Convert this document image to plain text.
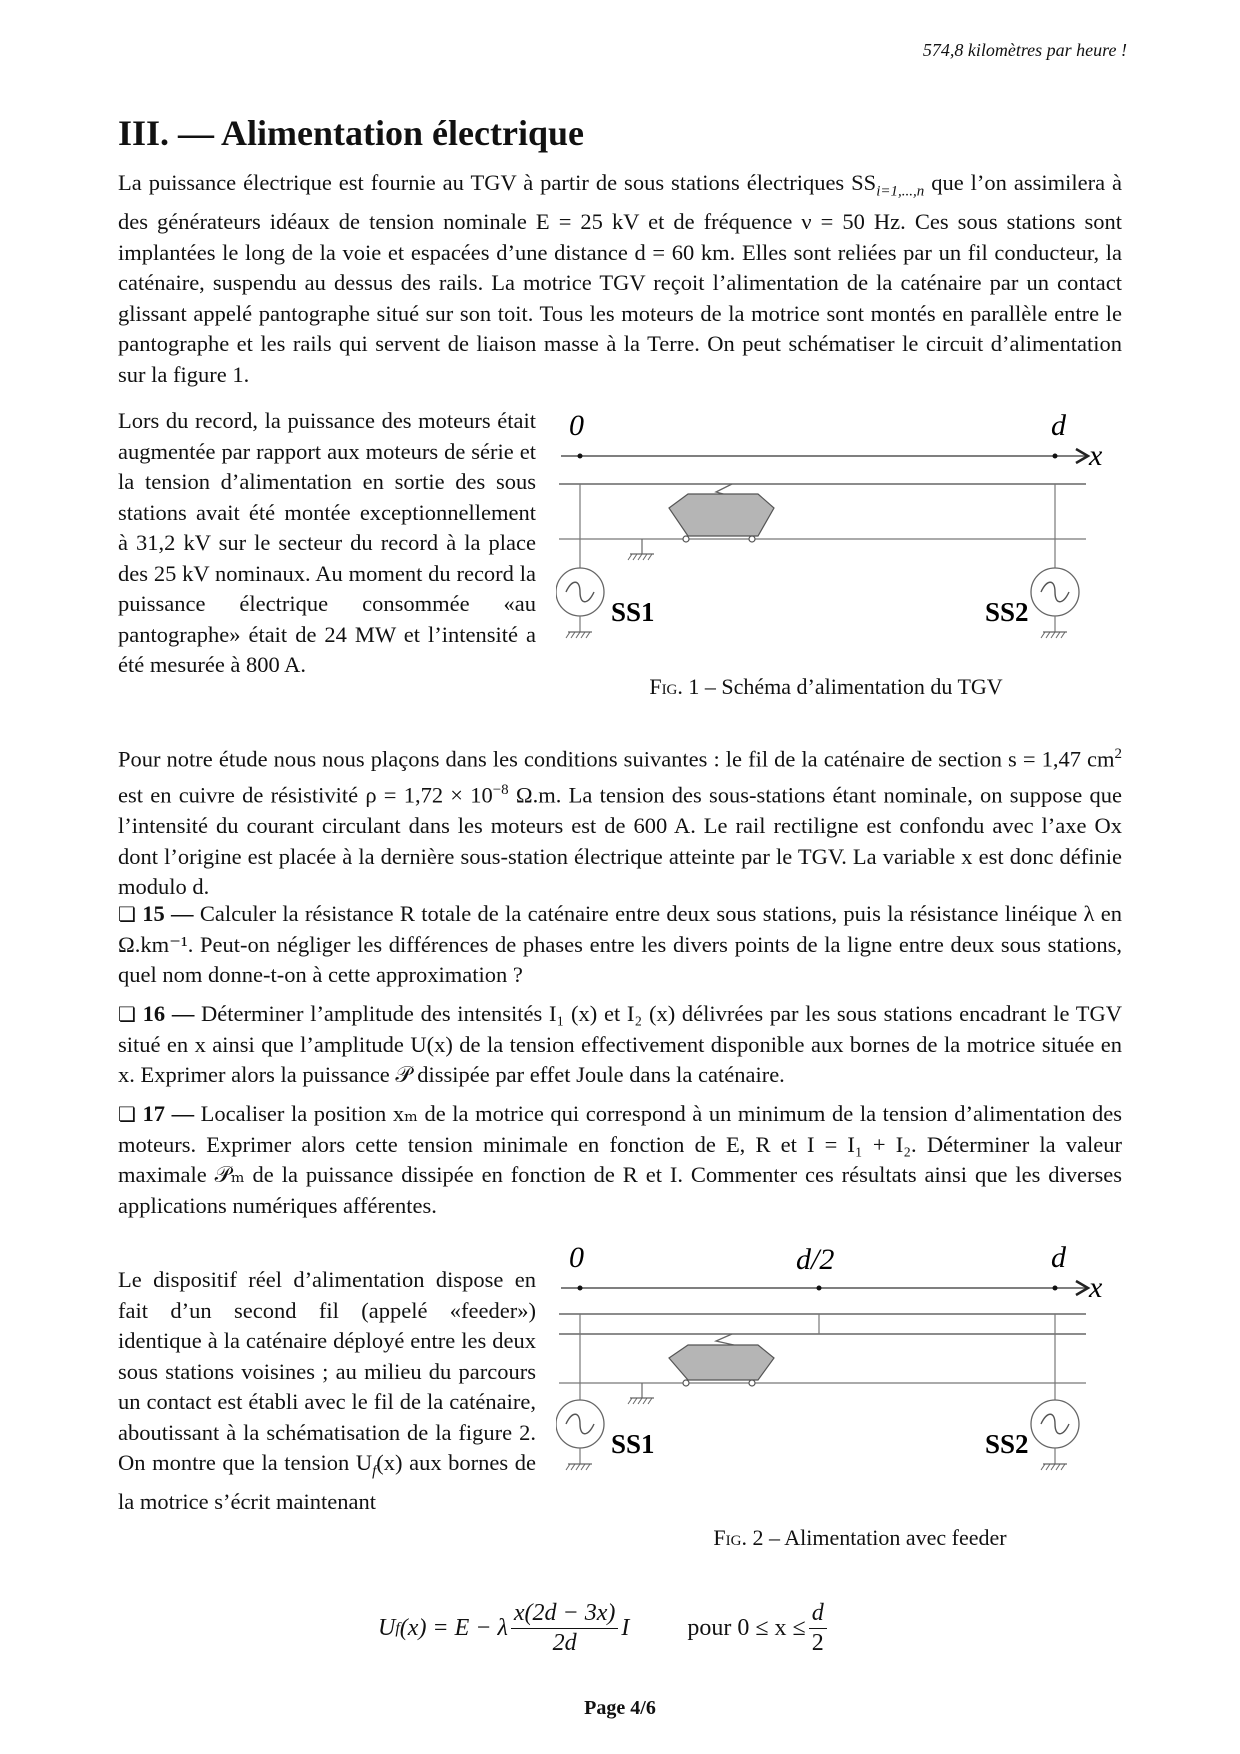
574,8 kilomètres par heure !
III. — Alimentation électrique

La puissance électrique est fournie au TGV à partir de sous stations électriques $SS_{i=1,...,n}$ que l’on assimilera à des générateurs idéaux de tension nominale E = 25 kV et de fréquence ν = 50 Hz. Ces sous stations sont implantées le long de la voie et espacées d’une distance d = 60 km. Elles sont reliées par un fil conducteur, la caténaire, suspendu au dessus des rails. La motrice TGV reçoit l’alimentation de la caténaire par un contact glissant appelé pantographe situé sur son toit. Tous les moteurs de la motrice sont montés en parallèle entre le pantographe et les rails qui servent de liaison masse à la Terre. On peut schématiser le circuit d’alimentation sur la figure 1.

Lors du record, la puissance des moteurs était augmentée par rapport aux moteurs de série et la tension d’alimentation en sortie des sous stations avait été montée exceptionnellement à 31,2 kV sur le secteur du record à la place des 25 kV nominaux. Au moment du record la puissance électrique consommée «au pantographe» était de 24 MW et l’intensité a été mesurée à 800 A.

0	d
x
SS1	SS2
Fig. 1 – Schéma d’alimentation du TGV

Pour notre étude nous nous plaçons dans les conditions suivantes : le fil de la caténaire de section s = 1,47 $cm^2$ est en cuivre de résistivité $\rho = 1,72 \times 10^{-8}$ Ω.m. La tension des sous-stations étant nominale, on suppose que l’intensité du courant circulant dans les moteurs est de 600 A. Le rail rectiligne est confondu avec l’axe Ox dont l’origine est placée à la dernière sous-station électrique atteinte par le TGV. La variable x est donc définie modulo d.

❏ 15 — Calculer la résistance R totale de la caténaire entre deux sous stations, puis la résistance linéique λ en Ω.km⁻¹. Peut-on négliger les différences de phases entre les divers points de la ligne entre deux sous stations, quel nom donne-t-on à cette approximation ?

❏ 16 — Déterminer l’amplitude des intensités I₁ (x) et I₂ (x) délivrées par les sous stations encadrant le TGV situé en x ainsi que l’amplitude U(x) de la tension effectivement disponible aux bornes de la motrice située en x. Exprimer alors la puissance 𝒫 dissipée par effet Joule dans la caténaire.

❏ 17 — Localiser la position xₘ de la motrice qui correspond à un minimum de la tension d’alimentation des moteurs. Exprimer alors cette tension minimale en fonction de E, R et I = I₁ + I₂. Déterminer la valeur maximale 𝒫ₘ de la puissance dissipée en fonction de R et I. Commenter ces résultats ainsi que les diverses applications numériques afférentes.

Le dispositif réel d’alimentation dispose en fait d’un second fil (appelé «feeder») identique à la caténaire déployé entre les deux sous stations voisines ; au milieu du parcours un contact est établi avec le fil de la caténaire, aboutissant à la schématisation de la figure 2. On montre que la tension $U_f(x)$ aux bornes de la motrice s’écrit maintenant

0	d/2	d
x
SS1	SS2
Fig. 2 – Alimentation avec feeder
U f (x) = E − λ $\frac{x(2d - 3x)}{2d}$ I pour $0 \le x \le \frac{d}{2}$
Page 4/6
